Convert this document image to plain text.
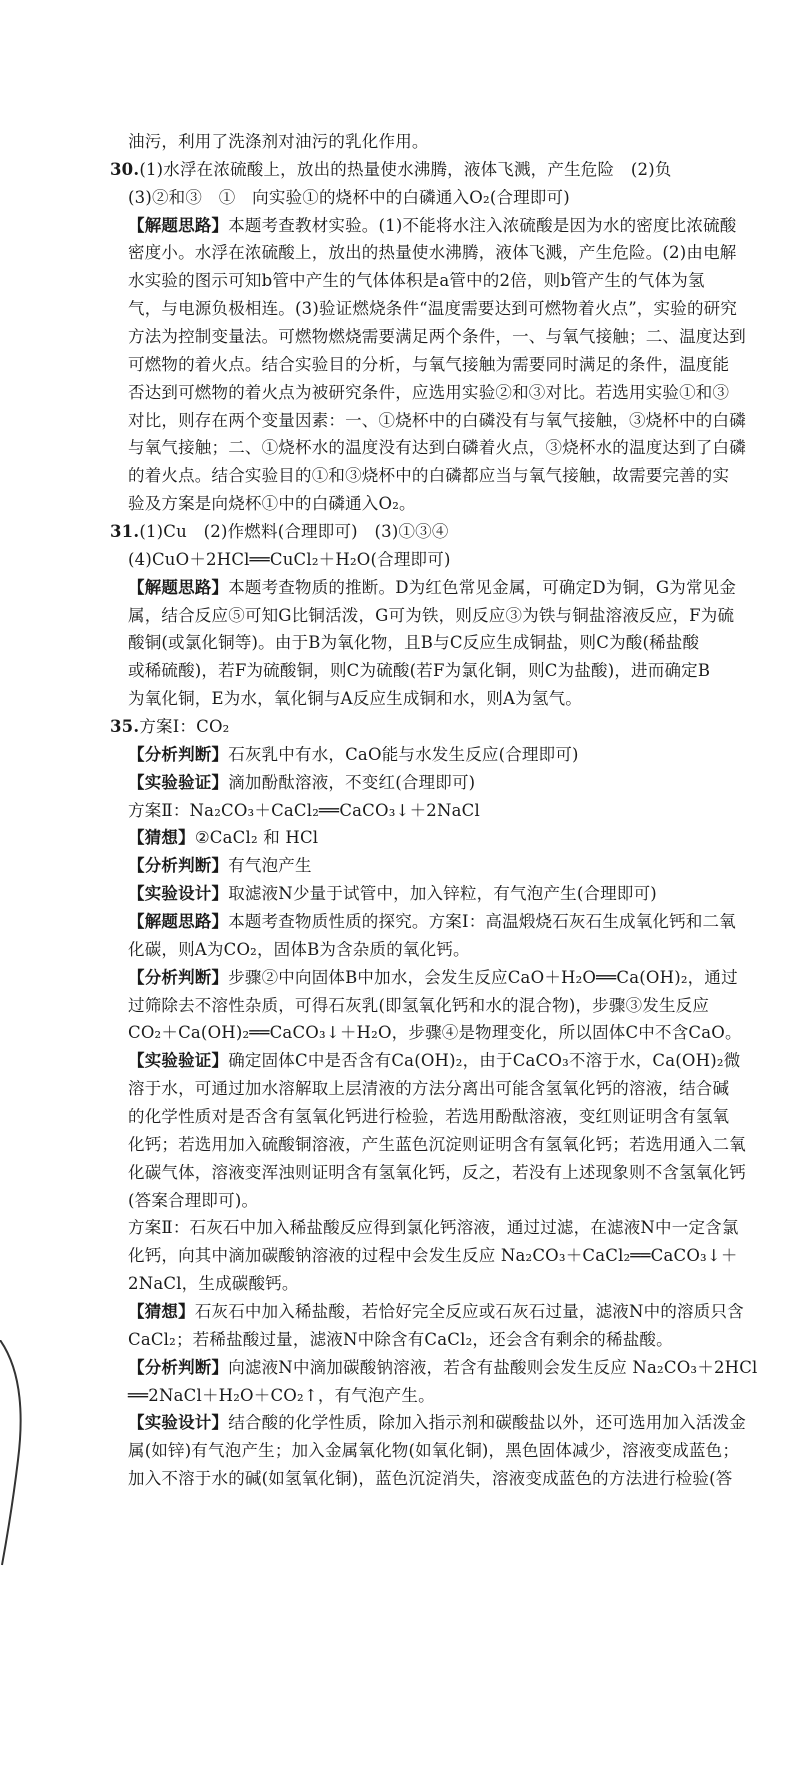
油污，利用了洗涤剂对油污的乳化作用。
30.(1)水浮在浓硫酸上，放出的热量使水沸腾，液体飞溅，产生危险　(2)负
(3)②和③　①　向实验①的烧杯中的白磷通入O₂(合理即可)
【解题思路】本题考查教材实验。(1)不能将水注入浓硫酸是因为水的密度比浓硫酸
密度小。水浮在浓硫酸上，放出的热量使水沸腾，液体飞溅，产生危险。(2)由电解
水实验的图示可知b管中产生的气体体积是a管中的2倍，则b管产生的气体为氢
气，与电源负极相连。(3)验证燃烧条件“温度需要达到可燃物着火点”，实验的研究
方法为控制变量法。可燃物燃烧需要满足两个条件，一、与氧气接触；二、温度达到
可燃物的着火点。结合实验目的分析，与氧气接触为需要同时满足的条件，温度能
否达到可燃物的着火点为被研究条件，应选用实验②和③对比。若选用实验①和③
对比，则存在两个变量因素：一、①烧杯中的白磷没有与氧气接触，③烧杯中的白磷
与氧气接触；二、①烧杯水的温度没有达到白磷着火点，③烧杯水的温度达到了白磷
的着火点。结合实验目的①和③烧杯中的白磷都应当与氧气接触，故需要完善的实
验及方案是向烧杯①中的白磷通入O₂。
31.(1)Cu　(2)作燃料(合理即可)　(3)①③④
(4)CuO＋2HCl══CuCl₂＋H₂O(合理即可)
【解题思路】本题考查物质的推断。D为红色常见金属，可确定D为铜，G为常见金
属，结合反应⑤可知G比铜活泼，G可为铁，则反应③为铁与铜盐溶液反应，F为硫
酸铜(或氯化铜等)。由于B为氧化物，且B与C反应生成铜盐，则C为酸(稀盐酸
或稀硫酸)，若F为硫酸铜，则C为硫酸(若F为氯化铜，则C为盐酸)，进而确定B
为氧化铜，E为水，氧化铜与A反应生成铜和水，则A为氢气。
35.方案Ⅰ：CO₂
【分析判断】石灰乳中有水，CaO能与水发生反应(合理即可)
【实验验证】滴加酚酞溶液，不变红(合理即可)
方案Ⅱ：Na₂CO₃＋CaCl₂══CaCO₃↓＋2NaCl
【猜想】②CaCl₂ 和 HCl
【分析判断】有气泡产生
【实验设计】取滤液N少量于试管中，加入锌粒，有气泡产生(合理即可)
【解题思路】本题考查物质性质的探究。方案Ⅰ：高温煅烧石灰石生成氧化钙和二氧
化碳，则A为CO₂，固体B为含杂质的氧化钙。
【分析判断】步骤②中向固体B中加水，会发生反应CaO＋H₂O══Ca(OH)₂，通过
过筛除去不溶性杂质，可得石灰乳(即氢氧化钙和水的混合物)，步骤③发生反应
CO₂＋Ca(OH)₂══CaCO₃↓＋H₂O，步骤④是物理变化，所以固体C中不含CaO。
【实验验证】确定固体C中是否含有Ca(OH)₂，由于CaCO₃不溶于水，Ca(OH)₂微
溶于水，可通过加水溶解取上层清液的方法分离出可能含氢氧化钙的溶液，结合碱
的化学性质对是否含有氢氧化钙进行检验，若选用酚酞溶液，变红则证明含有氢氧
化钙；若选用加入硫酸铜溶液，产生蓝色沉淀则证明含有氢氧化钙；若选用通入二氧
化碳气体，溶液变浑浊则证明含有氢氧化钙，反之，若没有上述现象则不含氢氧化钙
(答案合理即可)。
方案Ⅱ：石灰石中加入稀盐酸反应得到氯化钙溶液，通过过滤，在滤液N中一定含氯
化钙，向其中滴加碳酸钠溶液的过程中会发生反应 Na₂CO₃＋CaCl₂══CaCO₃↓＋
2NaCl，生成碳酸钙。
【猜想】石灰石中加入稀盐酸，若恰好完全反应或石灰石过量，滤液N中的溶质只含
CaCl₂；若稀盐酸过量，滤液N中除含有CaCl₂，还会含有剩余的稀盐酸。
【分析判断】向滤液N中滴加碳酸钠溶液，若含有盐酸则会发生反应 Na₂CO₃＋2HCl
══2NaCl＋H₂O＋CO₂↑，有气泡产生。
【实验设计】结合酸的化学性质，除加入指示剂和碳酸盐以外，还可选用加入活泼金
属(如锌)有气泡产生；加入金属氧化物(如氧化铜)，黑色固体减少，溶液变成蓝色；
加入不溶于水的碱(如氢氧化铜)，蓝色沉淀消失，溶液变成蓝色的方法进行检验(答
